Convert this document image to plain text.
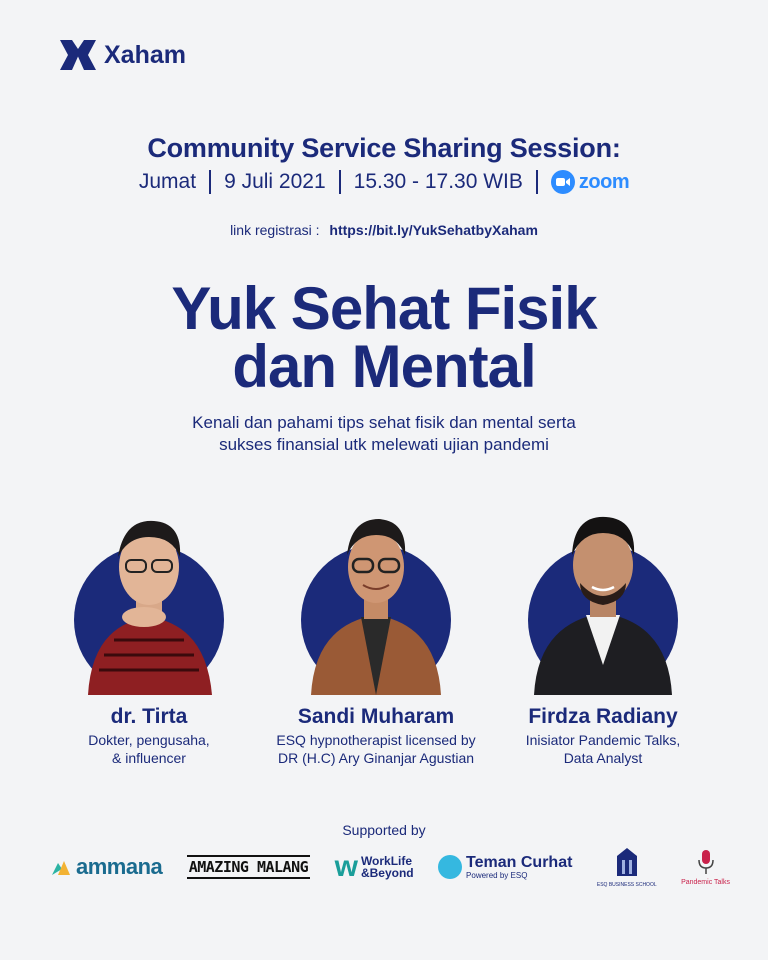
Xaham
Community Service Sharing Session:
Jumat 9 Juli 2021 15.30 - 17.30 WIB	zoom
link registrasi : https://bit.ly/YukSehatbyXaham
Yuk Sehat Fisik
dan Mental
Kenali dan pahami tips sehat fisik dan mental serta
sukses finansial utk melewati ujian pandemi
dr. Tirta
Dokter, pengusaha,
& influencer
Sandi Muharam
ESQ hypnotherapist licensed by
DR (H.C) Ary Ginanjar Agustian
Firdza Radiany
Inisiator Pandemic Talks,
Data Analyst
Supported by
ammana AMAZING MALANG w WorkLife
&Beyond
Teman Curhat
Powered by ESQ
ESQ BUSINESS SCHOOL	Pandemic Talks
